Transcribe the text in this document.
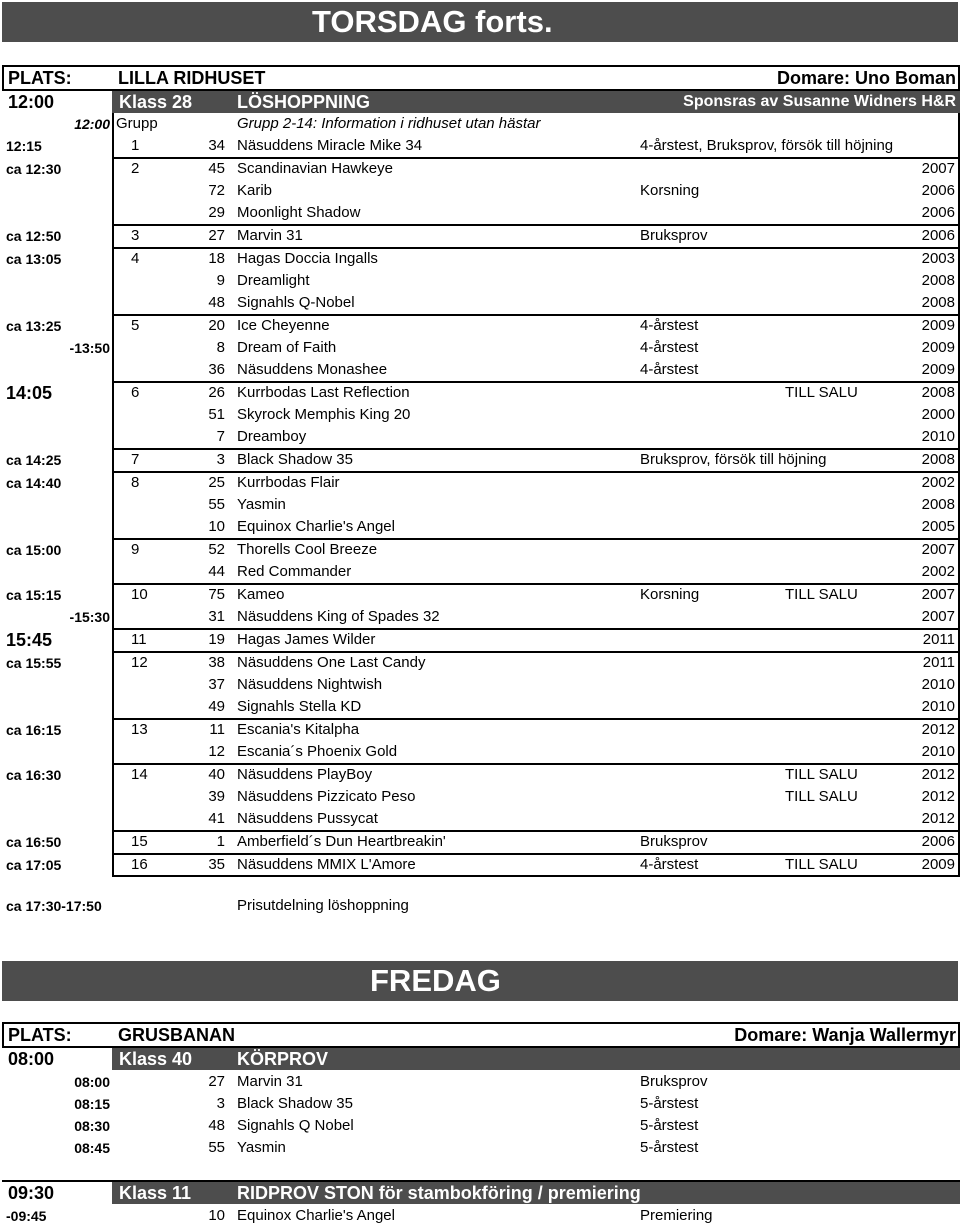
TORSDAG forts.
PLATS:	LILLA RIDHUSET	Domare: Uno Boman
12:00	Klass 28 LÖSHOPPNING	Sponsras av Susanne Widners H&R
12:00 Grupp	Grupp 2-14: Information i ridhuset utan hästar
12:15	1	34 Näsuddens Miracle Mike 34	4-årstest, Bruksprov, försök till höjning
ca 12:30	2	45 Scandinavian Hawkeye	2007
72 Karib	Korsning	2006
29 Moonlight Shadow	2006
ca 12:50	3	27 Marvin 31	Bruksprov	2006
ca 13:05	4	18 Hagas Doccia Ingalls	2003
9 Dreamlight	2008
48 Signahls Q-Nobel	2008
ca 13:25	5	20 Ice Cheyenne	4-årstest	2009
-13:50	8 Dream of Faith	4-årstest	2009
36 Näsuddens Monashee	4-årstest	2009
14:05	6	26 Kurrbodas Last Reflection	TILL SALU	2008
51 Skyrock Memphis King 20	2000
7 Dreamboy	2010
ca 14:25	7	3 Black Shadow 35	Bruksprov, försök till höjning	2008
ca 14:40	8	25 Kurrbodas Flair	2002
55 Yasmin	2008
10 Equinox Charlie's Angel	2005
ca 15:00	9	52 Thorells Cool Breeze	2007
44 Red Commander	2002
ca 15:15	10	75 Kameo	Korsning	TILL SALU	2007
-15:30	31 Näsuddens King of Spades 32	2007
15:45	11	19 Hagas James Wilder	2011
ca 15:55	12	38 Näsuddens One Last Candy	2011
37 Näsuddens Nightwish	2010
49 Signahls Stella KD	2010
ca 16:15	13	11 Escania's Kitalpha	2012
12 Escania´s Phoenix Gold	2010
ca 16:30	14	40 Näsuddens PlayBoy	TILL SALU	2012
39 Näsuddens Pizzicato Peso	TILL SALU	2012
41 Näsuddens Pussycat	2012
ca 16:50	15	1 Amberfield´s Dun Heartbreakin'	Bruksprov	2006
ca 17:05	16	35 Näsuddens MMIX L'Amore	4-årstest	TILL SALU	2009
ca 17:30-17:50	Prisutdelning löshoppning
FREDAG
PLATS:	GRUSBANAN	Domare: Wanja Wallermyr
08:00	Klass 40 KÖRPROV
08:00	27 Marvin 31	Bruksprov
08:15	3 Black Shadow 35	5-årstest
08:30	48 Signahls Q Nobel	5-årstest
08:45	55 Yasmin	5-årstest
09:30	Klass 11	RIDPROV STON för stambokföring / premiering
-09:45	10 Equinox Charlie's Angel	Premiering
